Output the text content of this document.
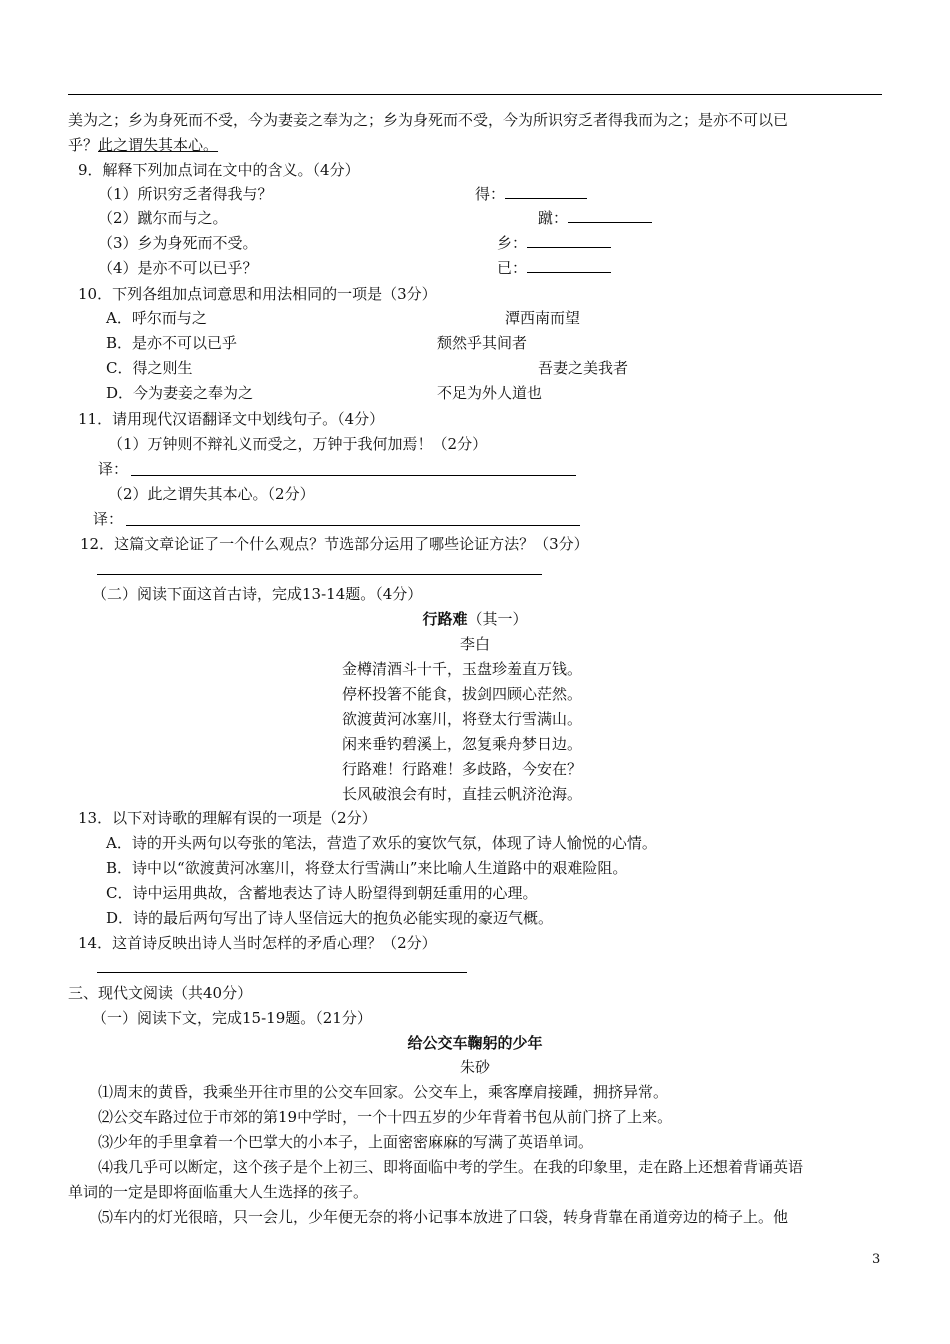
美为之；乡为身死而不受，今为妻妾之奉为之；乡为身死而不受，今为所识穷乏者得我而为之；是亦不可以已
乎？此之谓失其本心。
9．解释下列加点词在文中的含义。（4分）
（1）所识穷乏者得我与？	得：
（2）蹴尔而与之。	蹴：
（3）乡为身死而不受。	乡：
（4）是亦不可以已乎？	已：
10．下列各组加点词意思和用法相同的一项是（3分）
A．呼尔而与之	潭西南而望
B．是亦不可以已乎	颓然乎其间者
C．得之则生	吾妻之美我者
D．今为妻妾之奉为之	不足为外人道也
11．请用现代汉语翻译文中划线句子。（4分）
（1）万钟则不辩礼义而受之，万钟于我何加焉！（2分）
译：
（2）此之谓失其本心。（2分）
译：
12．这篇文章论证了一个什么观点？节选部分运用了哪些论证方法？（3分）
（二）阅读下面这首古诗，完成13-14题。（4分）
行路难（其一）
李白
金樽清酒斗十千，玉盘珍羞直万钱。
停杯投箸不能食，拔剑四顾心茫然。
欲渡黄河冰塞川，将登太行雪满山。
闲来垂钓碧溪上，忽复乘舟梦日边。
行路难！行路难！多歧路，今安在？
长风破浪会有时，直挂云帆济沧海。
13．以下对诗歌的理解有误的一项是（2分）
A．诗的开头两句以夸张的笔法，营造了欢乐的宴饮气氛，体现了诗人愉悦的心情。
B．诗中以“欲渡黄河冰塞川，将登太行雪满山”来比喻人生道路中的艰难险阻。
C．诗中运用典故，含蓄地表达了诗人盼望得到朝廷重用的心理。
D．诗的最后两句写出了诗人坚信远大的抱负必能实现的豪迈气概。
14．这首诗反映出诗人当时怎样的矛盾心理？（2分）
三、现代文阅读（共40分）
（一）阅读下文，完成15-19题。（21分）
给公交车鞠躬的少年
朱砂
⑴周末的黄昏，我乘坐开往市里的公交车回家。公交车上，乘客摩肩接踵，拥挤异常。
⑵公交车路过位于市郊的第19中学时，一个十四五岁的少年背着书包从前门挤了上来。
⑶少年的手里拿着一个巴掌大的小本子，上面密密麻麻的写满了英语单词。
⑷我几乎可以断定，这个孩子是个上初三、即将面临中考的学生。在我的印象里，走在路上还想着背诵英语
单词的一定是即将面临重大人生选择的孩子。
⑸车内的灯光很暗，只一会儿，少年便无奈的将小记事本放进了口袋，转身背靠在甬道旁边的椅子上。他
3
